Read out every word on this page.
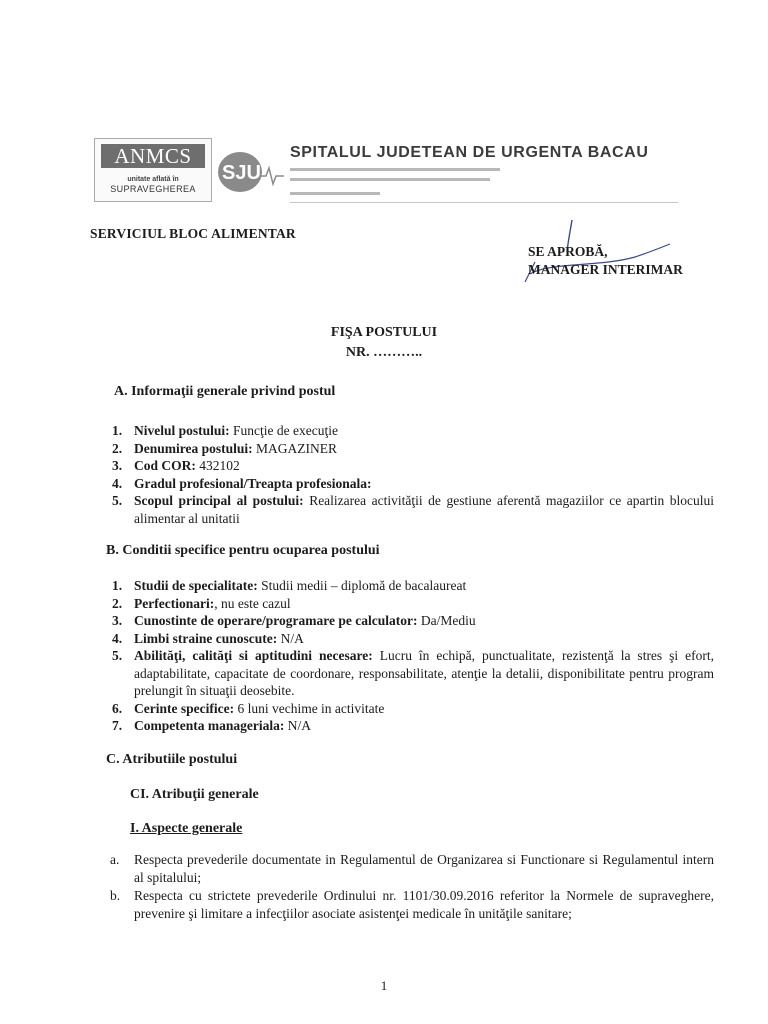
ANMCS
unitate aflată în
SUPRAVEGHEREA
SJUB
SPITALUL JUDETEAN DE URGENTA BACAU
SERVICIUL BLOC ALIMENTAR
SE APROBĂ,
MANAGER INTERIMAR
FIŞA POSTULUI
NR. ………..
A. Informaţii generale privind postul
1. Nivelul postului: Funcţie de execuţie
2. Denumirea postului: MAGAZINER
3. Cod COR: 432102
4. Gradul profesional/Treapta profesionala:
5. Scopul principal al postului: Realizarea activităţii de gestiune aferentă magaziilor ce apartin blocului alimentar al unitatii
B. Conditii specifice pentru ocuparea postului
1. Studii de specialitate: Studii medii – diplomă de bacalaureat
2. Perfectionari:, nu este cazul
3. Cunostinte de operare/programare pe calculator: Da/Mediu
4. Limbi straine cunoscute: N/A
5. Abilităţi, calităţi si aptitudini necesare: Lucru în echipă, punctualitate, rezistenţă la stres şi efort, adaptabilitate, capacitate de coordonare, responsabilitate, atenţie la detalii, disponibilitate pentru program prelungit în situaţii deosebite.
6. Cerinte specifice: 6 luni vechime in activitate
7. Competenta manageriala: N/A
C. Atributiile postului
CI. Atribuţii generale
I. Aspecte generale
a. Respecta prevederile documentate in Regulamentul de Organizarea si Functionare si Regulamentul intern al spitalului;
b. Respecta cu strictete prevederile Ordinului nr. 1101/30.09.2016 referitor la Normele de supraveghere, prevenire şi limitare a infecţiilor asociate asistenţei medicale în unităţile sanitare;
1
